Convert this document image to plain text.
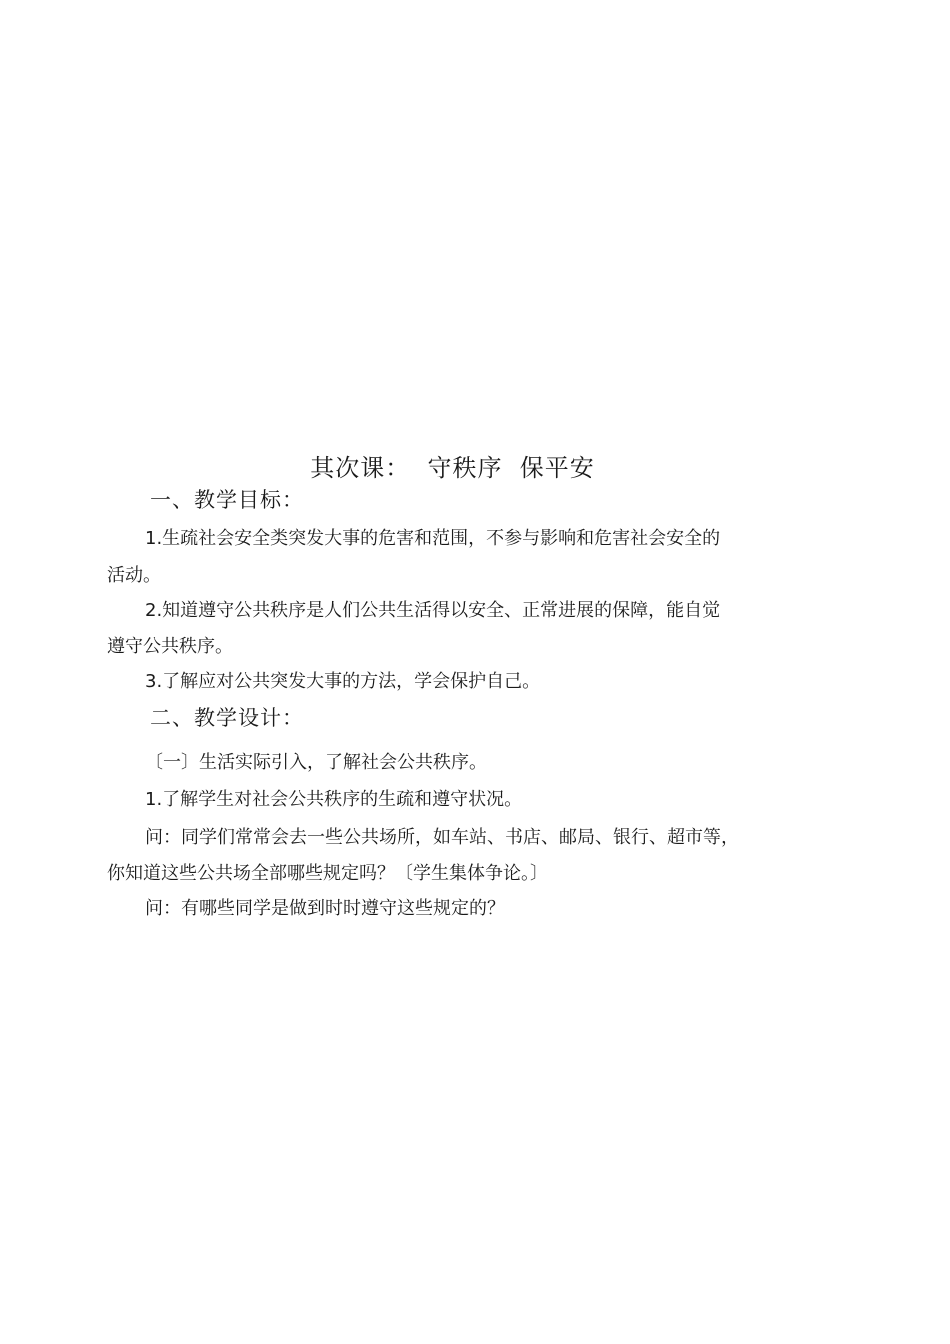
其次课：  守秩序  保平安
一、教学目标：
1.生疏社会安全类突发大事的危害和范围，不参与影响和危害社会安全的
活动。
2.知道遵守公共秩序是人们公共生活得以安全、正常进展的保障，能自觉
遵守公共秩序。
3.了解应对公共突发大事的方法，学会保护自己。
二、教学设计：
〔一〕生活实际引入，了解社会公共秩序。
1.了解学生对社会公共秩序的生疏和遵守状况。
问：同学们常常会去一些公共场所，如车站、书店、邮局、银行、超市等，
你知道这些公共场全部哪些规定吗？〔学生集体争论。〕
问：有哪些同学是做到时时遵守这些规定的？
